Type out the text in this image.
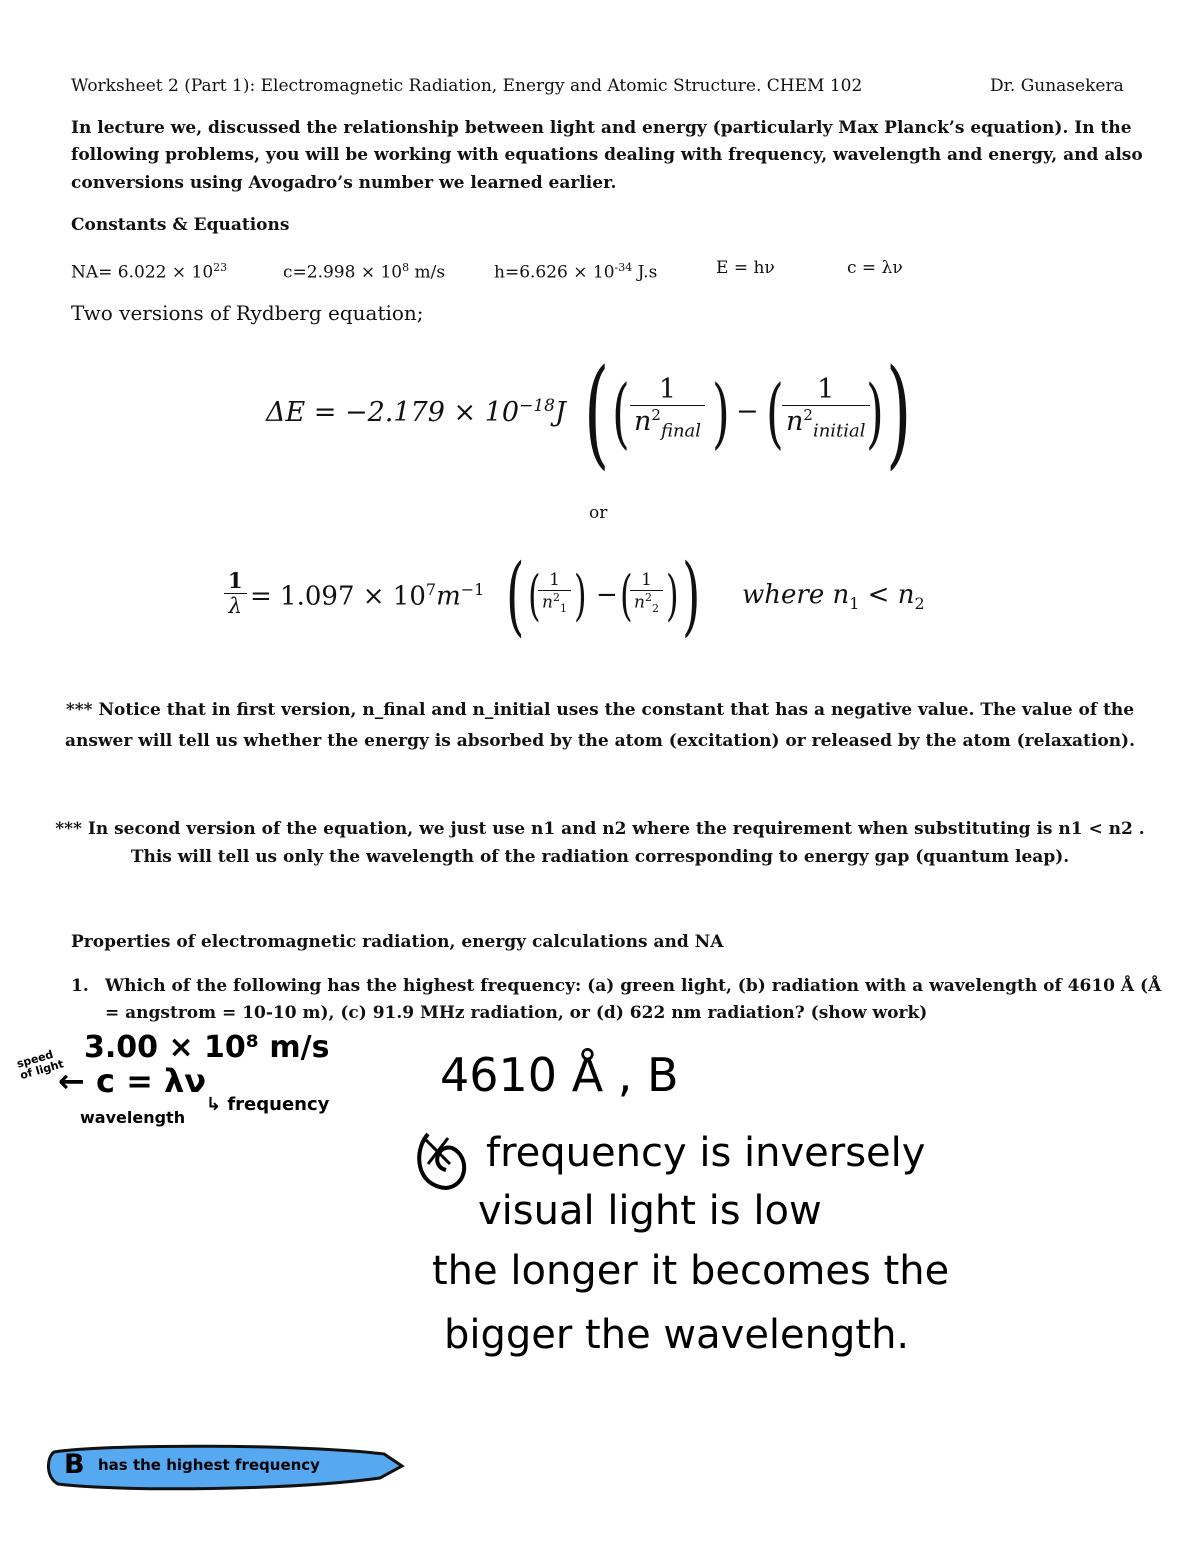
Worksheet 2 (Part 1): Electromagnetic Radiation, Energy and Atomic Structure. CHEM 102	Dr. Gunasekera
In lecture we, discussed the relationship between light and energy (particularly Max Planck’s equation). In the
following problems, you will be working with equations dealing with frequency, wavelength and energy, and also
conversions using Avogadro’s number we learned earlier.
Constants & Equations
$NA= 6.022 \times 10^{23}$	$c=2.998 \times 10^8$ m/s	$h=6.626 \times 10^{-34}$ J.s	E = hν	c = λν
Two versions of Rydberg equation;
$\Delta E = -2.179 \times 10^{-18}J$ ( ( $\frac{1}{n^2_{final}}$ ) − (
$\frac{1}{n^2_{initial}}$
) )
or
$\frac{1}{\lambda} = 1.097 \times 10^7m^{-1}$ ( (
$\frac{1}{n^2_1}$ ) − (
$\frac{1}{n^2_2}$ ) ) where $n_1 < n_2$
*** Notice that in first version, n_final and n_initial uses the constant that has a negative value. The value of the
answer will tell us whether the energy is absorbed by the atom (excitation) or released by the atom (relaxation).
*** In second version of the equation, we just use n1 and n2 where the requirement when substituting is n1 < n2 .
This will tell us only the wavelength of the radiation corresponding to energy gap (quantum leap).
Properties of electromagnetic radiation, energy calculations and NA
1. Which of the following has the highest frequency: (a) green light, (b) radiation with a wavelength of 4610 Å (Å
= angstrom = 10-10 m), (c) 91.9 MHz radiation, or (d) 622 nm radiation? (show work)
3.00 × 10⁸ m/s
speed of light
← c = λν
wavelength
↳ frequency
4610 Å , B
frequency is inversely
visual light is low
the longer it becomes the
bigger the wavelength.
B has the highest frequency
